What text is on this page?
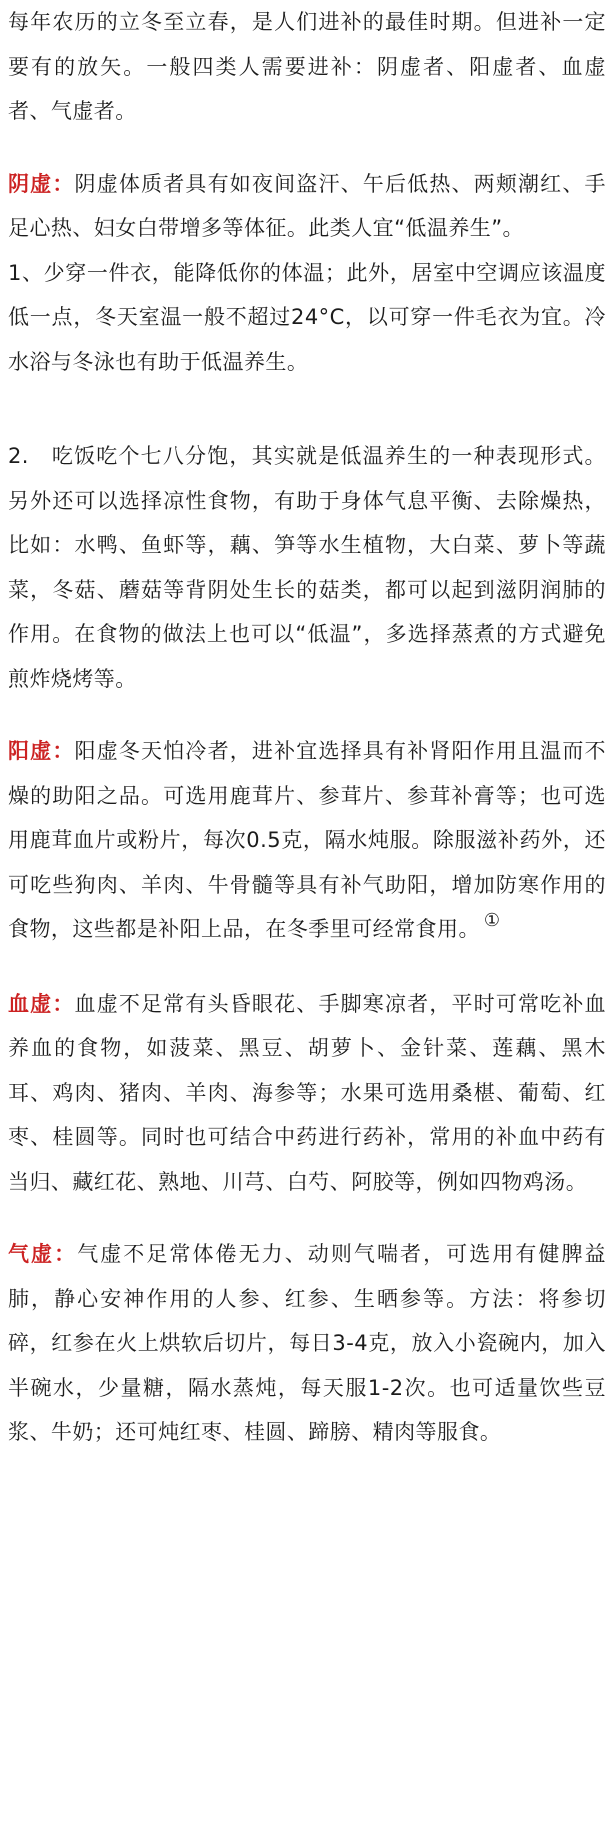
每年农历的立冬至立春，是人们进补的最佳时期。但进补一定要有的放矢。一般四类人需要进补：阴虚者、阳虚者、血虚者、气虚者。

阴虚：阴虚体质者具有如夜间盗汗、午后低热、两颊潮红、手足心热、妇女白带增多等体征。此类人宜“低温养生”。

1、少穿一件衣，能降低你的体温；此外，居室中空调应该温度低一点，冬天室温一般不超过24°C，以可穿一件毛衣为宜。冷水浴与冬泳也有助于低温养生。

2.　吃饭吃个七八分饱，其实就是低温养生的一种表现形式。另外还可以选择凉性食物，有助于身体气息平衡、去除燥热，比如：水鸭、鱼虾等，藕、笋等水生植物，大白菜、萝卜等蔬菜，冬菇、蘑菇等背阴处生长的菇类，都可以起到滋阴润肺的作用。在食物的做法上也可以“低温”，多选择蒸煮的方式避免煎炸烧烤等。

阳虚：阳虚冬天怕冷者，进补宜选择具有补肾阳作用且温而不燥的助阳之品。可选用鹿茸片、参茸片、参茸补膏等；也可选用鹿茸血片或粉片，每次0.5克，隔水炖服。除服滋补药外，还可吃些狗肉、羊肉、牛骨髓等具有补气助阳，增加防寒作用的食物，这些都是补阳上品，在冬季里可经常食用。 ①

血虚：血虚不足常有头昏眼花、手脚寒凉者，平时可常吃补血养血的食物，如菠菜、黑豆、胡萝卜、金针菜、莲藕、黑木耳、鸡肉、猪肉、羊肉、海参等；水果可选用桑椹、葡萄、红枣、桂圆等。同时也可结合中药进行药补，常用的补血中药有当归、藏红花、熟地、川芎、白芍、阿胶等，例如四物鸡汤。

气虚：气虚不足常体倦无力、动则气喘者，可选用有健脾益肺，静心安神作用的人参、红参、生晒参等。方法：将参切碎，红参在火上烘软后切片，每日3-4克，放入小瓷碗内，加入半碗水，少量糖，隔水蒸炖，每天服1-2次。也可适量饮些豆浆、牛奶；还可炖红枣、桂圆、蹄膀、精肉等服食。
